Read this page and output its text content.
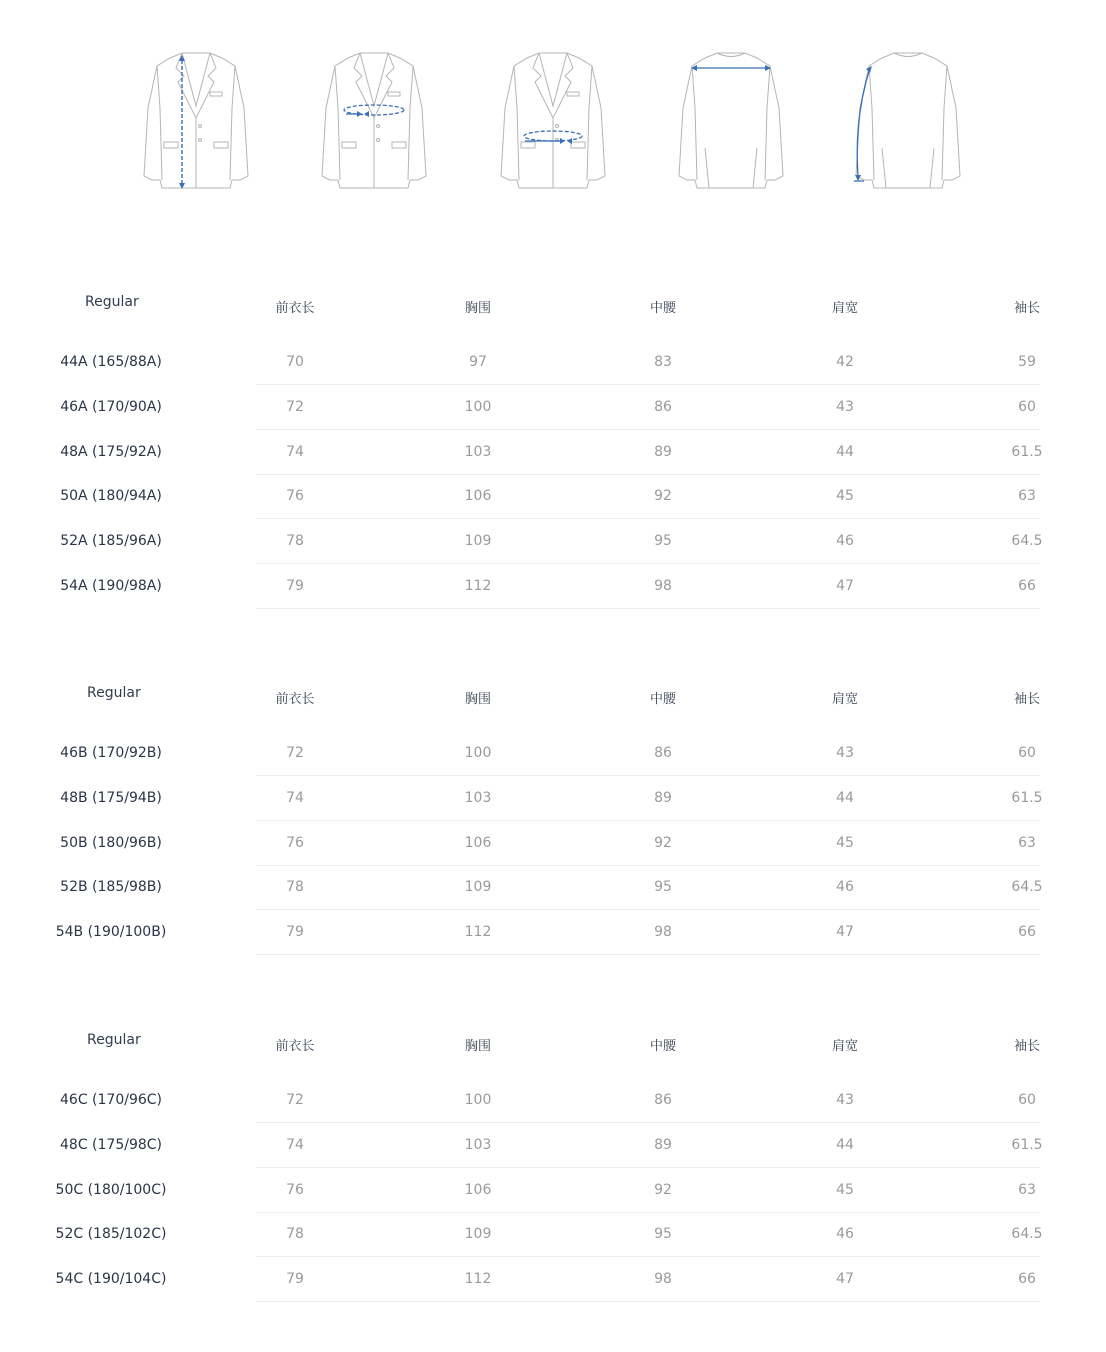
Regular	前衣长	胸围	中腰	肩宽	袖长
44A (165/88A)	70	97	83	42	59
46A (170/90A)	72	100	86	43	60
48A (175/92A)	74	103	89	44	61.5
50A (180/94A)	76	106	92	45	63
52A (185/96A)	78	109	95	46	64.5
54A (190/98A)	79	112	98	47	66
Regular	前衣长	胸围	中腰	肩宽	袖长
46B (170/92B)	72	100	86	43	60
48B (175/94B)	74	103	89	44	61.5
50B (180/96B)	76	106	92	45	63
52B (185/98B)	78	109	95	46	64.5
54B (190/100B)	79	112	98	47	66
Regular	前衣长	胸围	中腰	肩宽	袖长
46C (170/96C)	72	100	86	43	60
48C (175/98C)	74	103	89	44	61.5
50C (180/100C)	76	106	92	45	63
52C (185/102C)	78	109	95	46	64.5
54C (190/104C)	79	112	98	47	66
